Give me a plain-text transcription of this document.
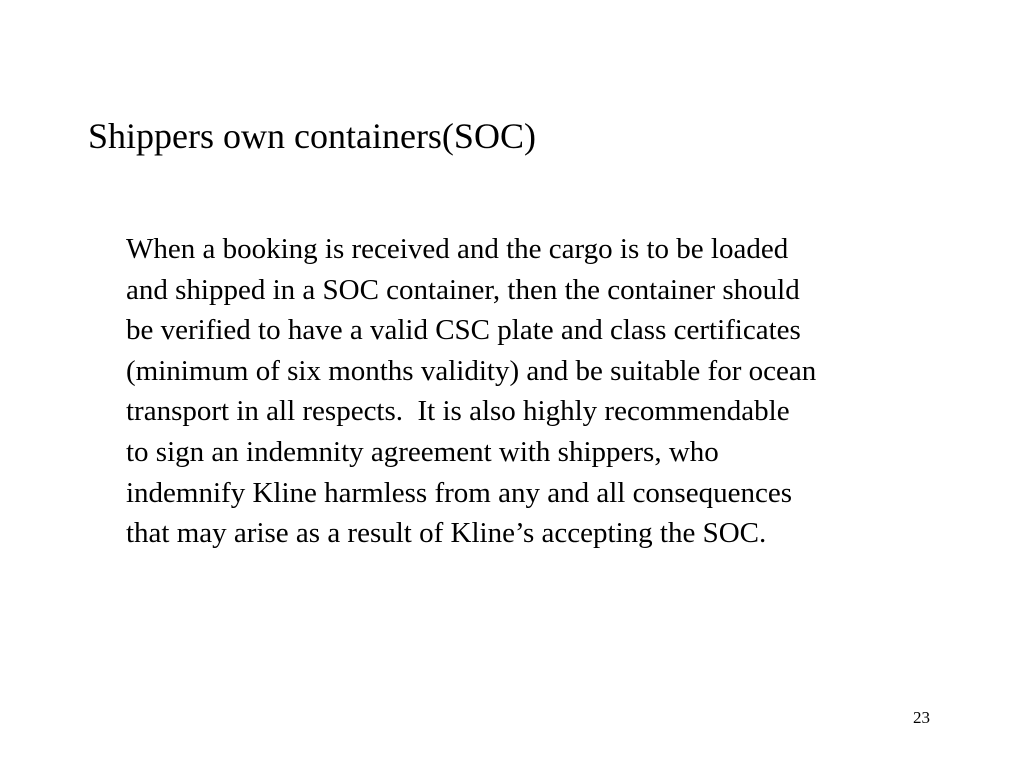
Shippers own containers(SOC)
When a booking is received and the cargo is to be loaded
and shipped in a SOC container, then the container should
be verified to have a valid CSC plate and class certificates
(minimum of six months validity) and be suitable for ocean
transport in all respects.  It is also highly recommendable
to sign an indemnity agreement with shippers, who
indemnify Kline harmless from any and all consequences
that may arise as a result of Kline’s accepting the SOC.
23
